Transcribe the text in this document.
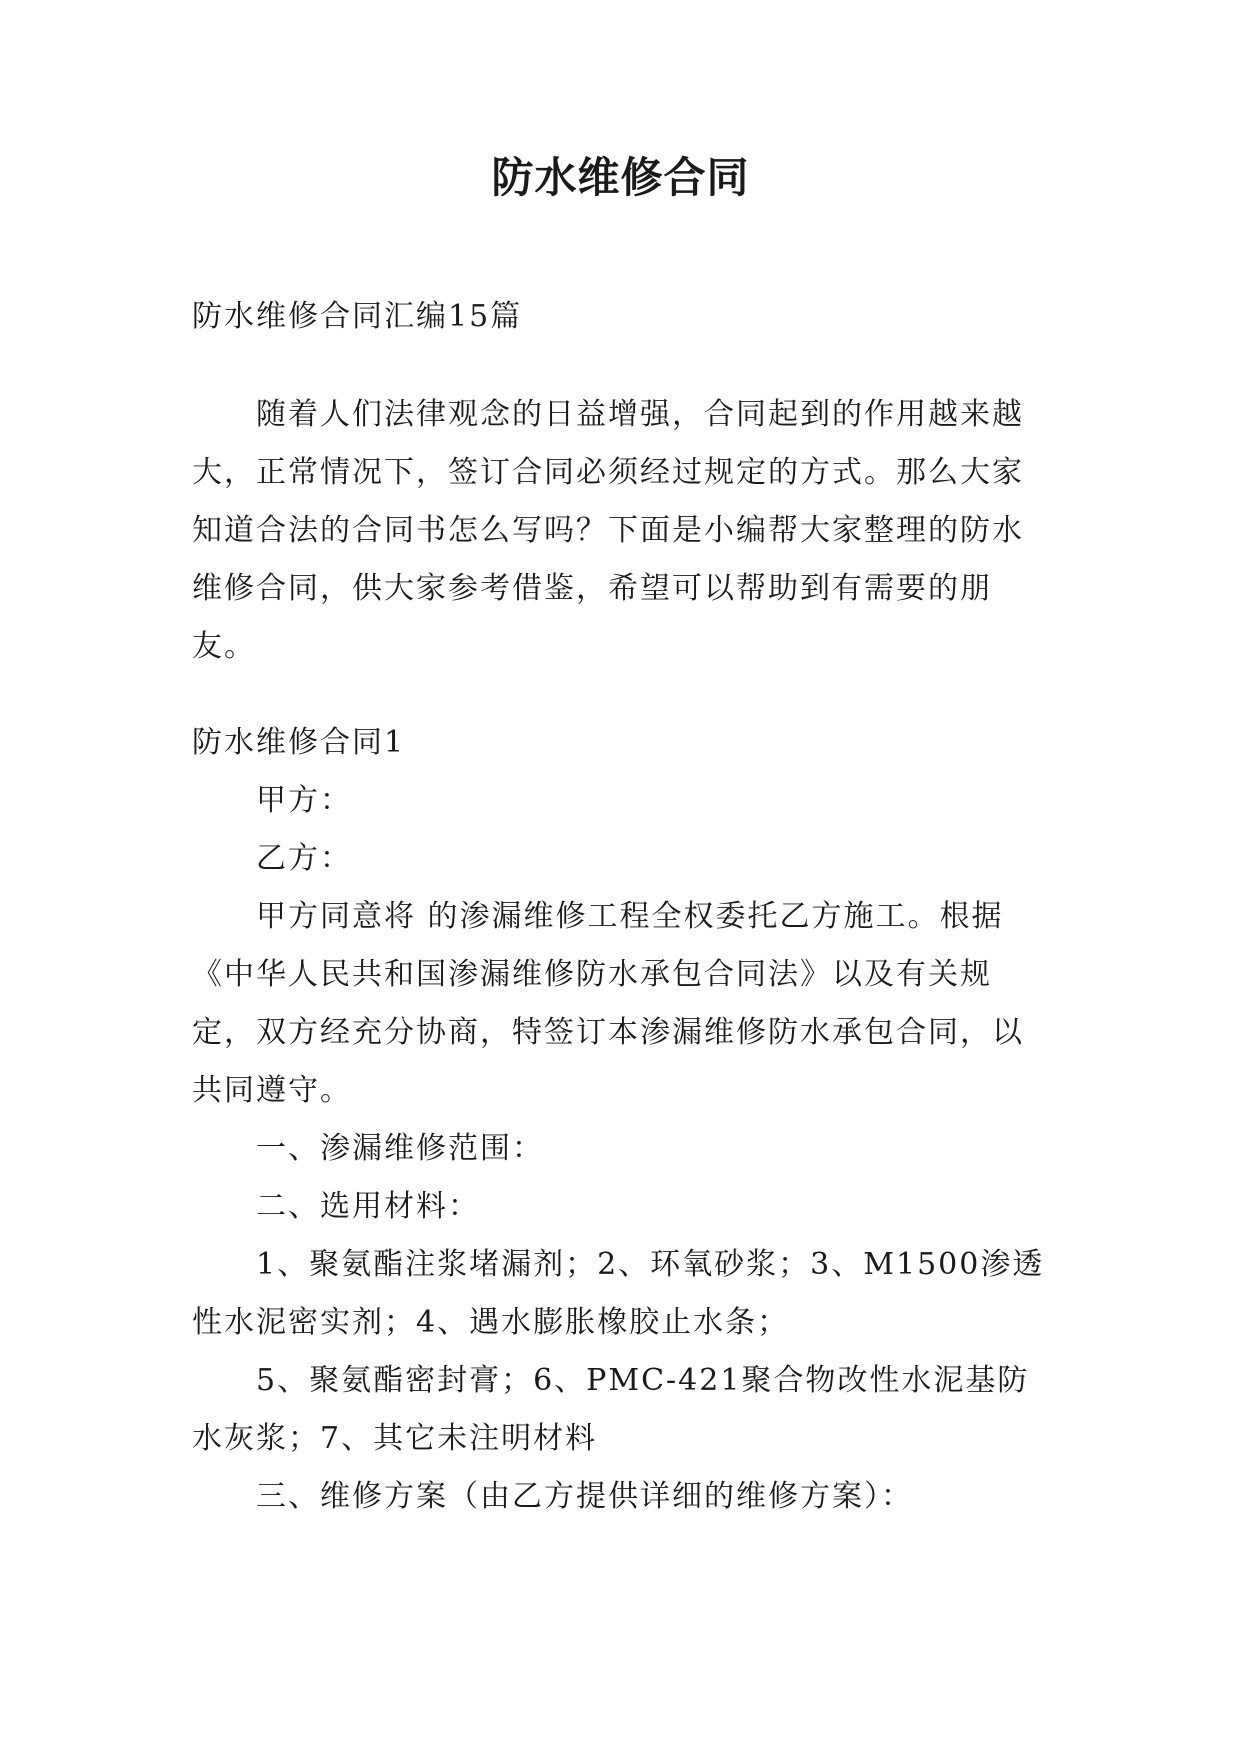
防水维修合同

防水维修合同汇编15篇

随着人们法律观念的日益增强，合同起到的作用越来越大，正常情况下，签订合同必须经过规定的方式。那么大家知道合法的合同书怎么写吗？下面是小编帮大家整理的防水维修合同，供大家参考借鉴，希望可以帮助到有需要的朋友。

防水维修合同1

甲方：

乙方：

甲方同意将 的渗漏维修工程全权委托乙方施工。根据《中华人民共和国渗漏维修防水承包合同法》以及有关规定，双方经充分协商，特签订本渗漏维修防水承包合同，以共同遵守。

一、渗漏维修范围：

二、选用材料：

1、聚氨酯注浆堵漏剂；2、环氧砂浆；3、M1500渗透性水泥密实剂；4、遇水膨胀橡胶止水条；

5、聚氨酯密封膏；6、PMC-421聚合物改性水泥基防水灰浆；7、其它未注明材料

三、维修方案（由乙方提供详细的维修方案）：
